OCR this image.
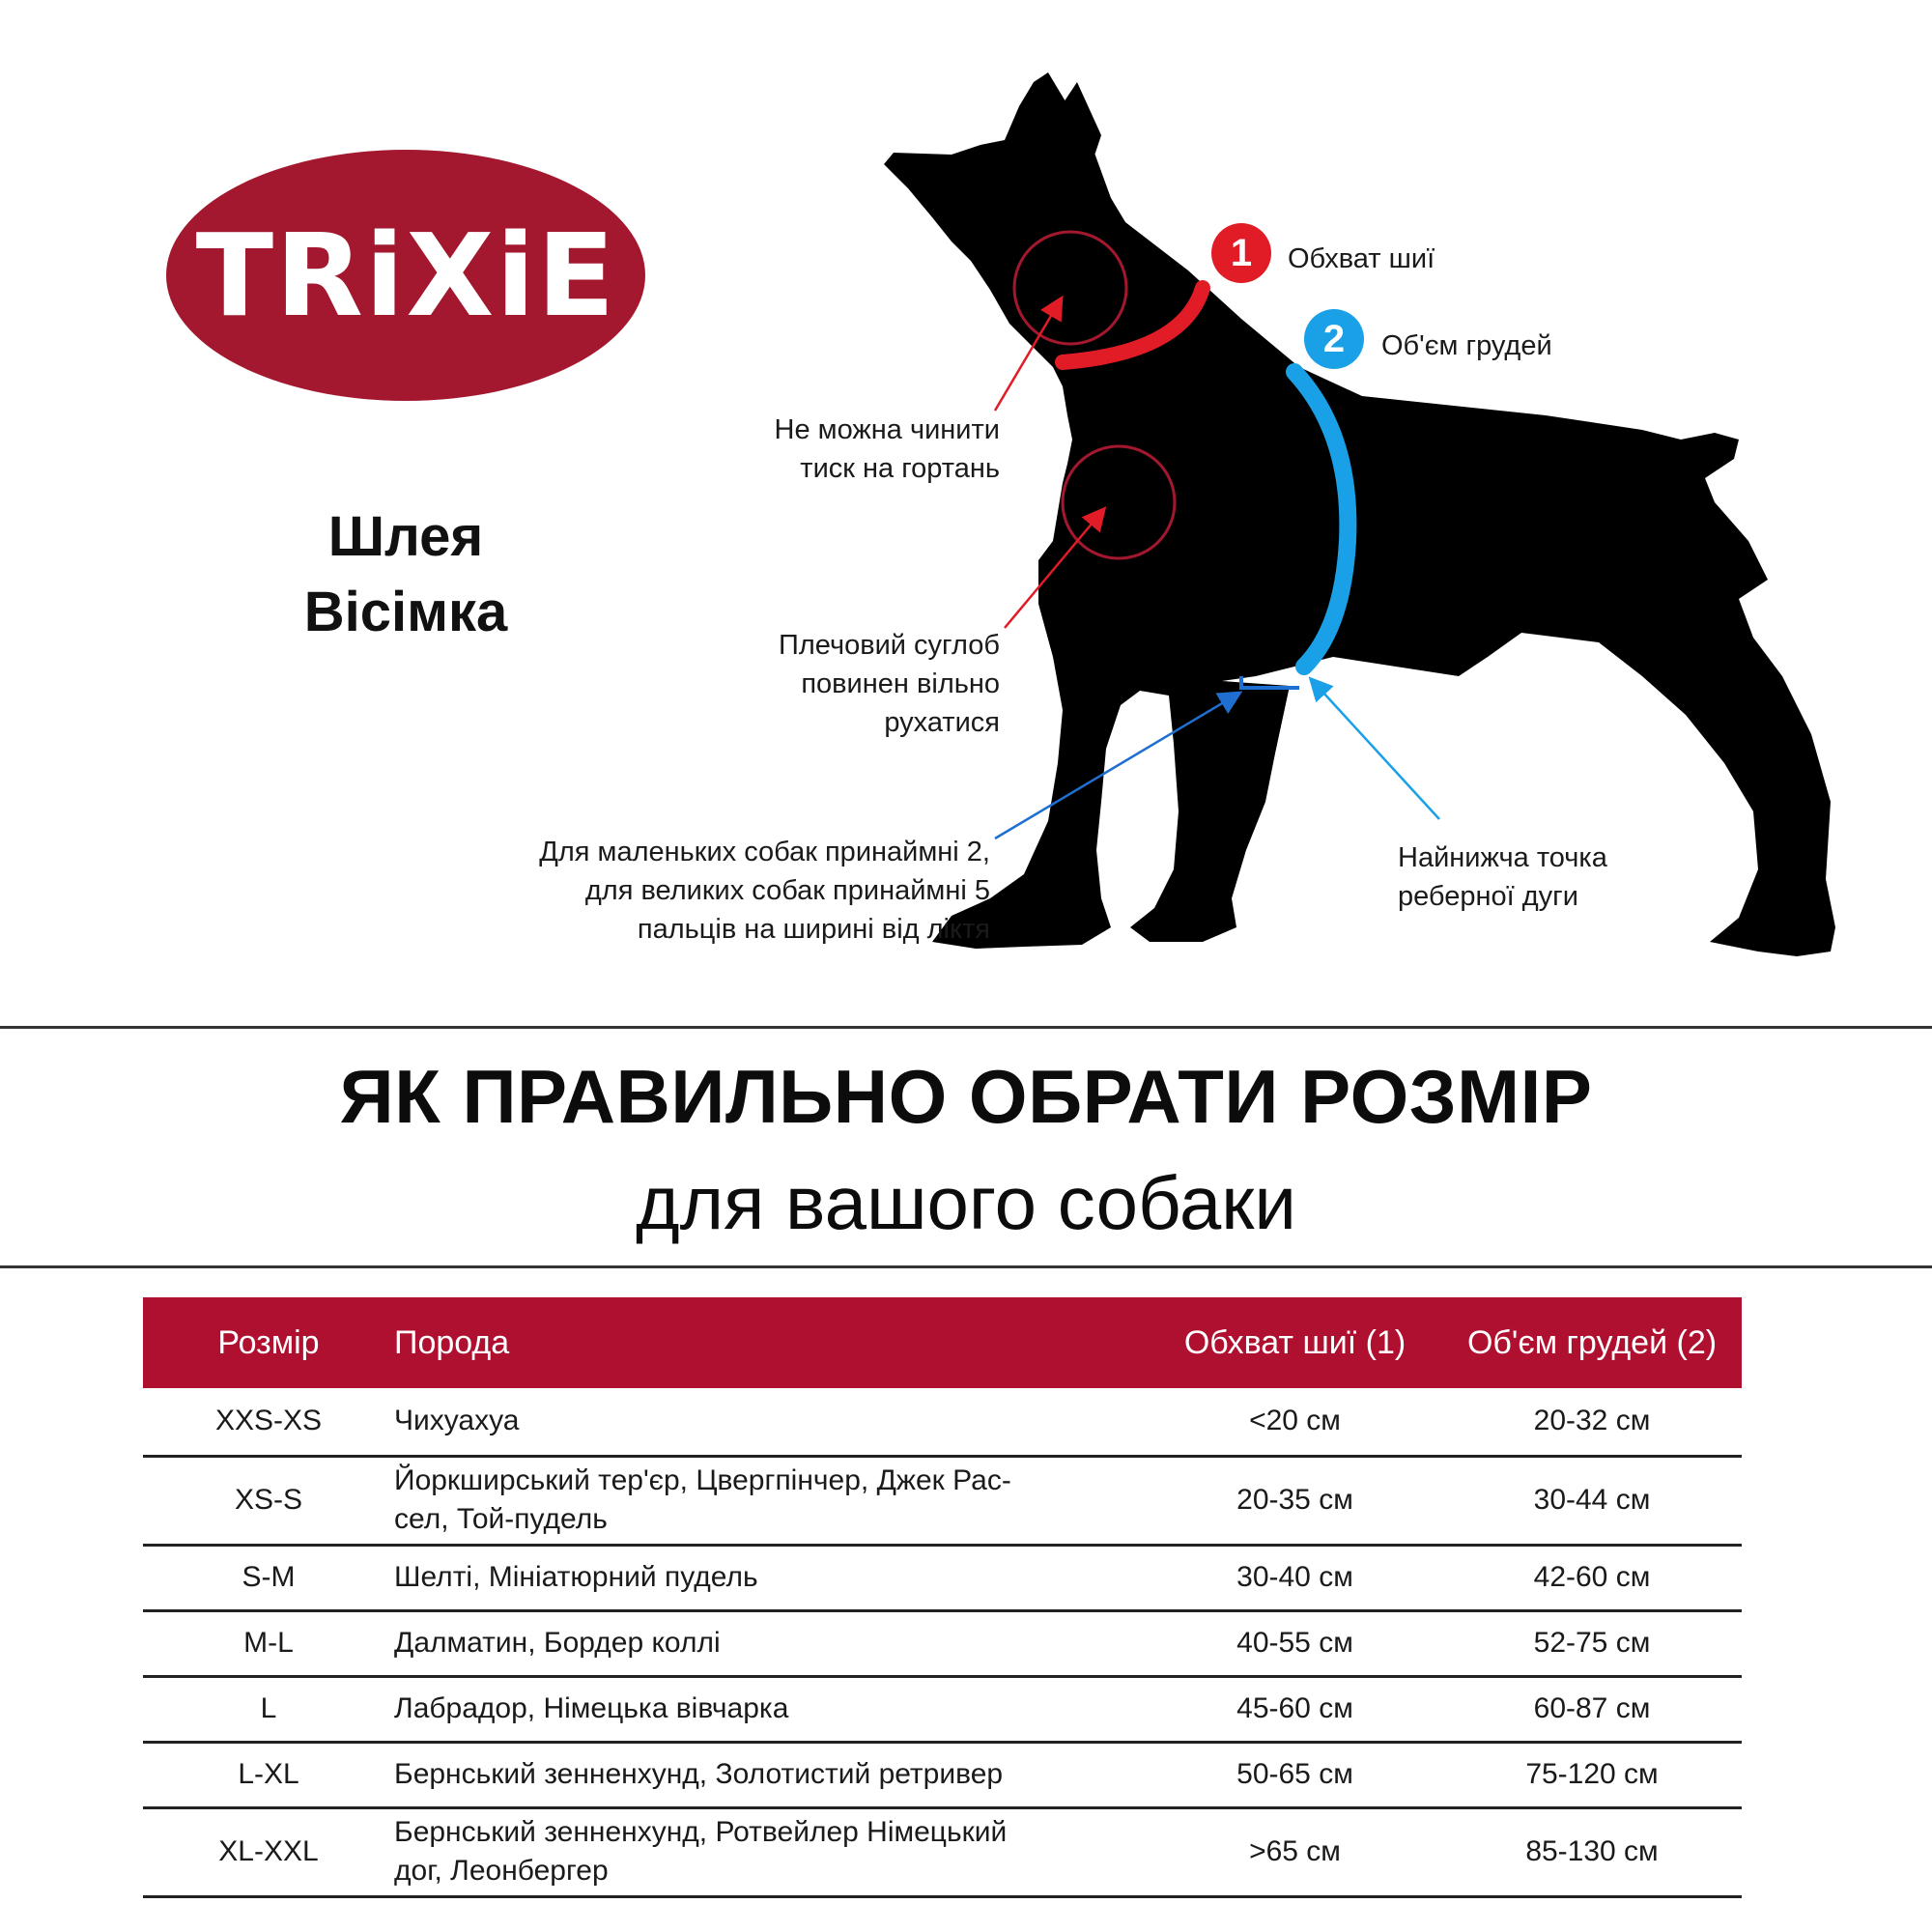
TRiXiE
Шлея
Вісімка
1	Обхват шиї
2	Об'єм грудей
Не можна чинити
тиск на гортань
Плечовий суглоб
повинен вільно
рухатися
Для маленьких собак принаймні 2,
для великих собак принаймні 5
пальців на ширині від ліктя
Найнижча точка
реберної дуги
ЯК ПРАВИЛЬНО ОБРАТИ РОЗМІР
для вашого собаки
Розмір	Порода	Обхват шиї (1)	Об'єм грудей (2)
XXS-XS	Чихуахуа	<20 см	20-32 см
XS-S	Йоркширський тер'єр, Цвергпінчер, Джек Рас-
сел, Той-пудель	20-35 см	30-44 см
S-M	Шелті, Мініатюрний пудель	30-40 см	42-60 см
M-L	Далматин, Бордер коллі	40-55 см	52-75 см
L	Лабрадор, Німецька вівчарка	45-60 см	60-87 см
L-XL	Бернський зенненхунд, Золотистий ретривер	50-65 см	75-120 см
XL-XXL	Бернський зенненхунд, Ротвейлер Німецький
дог, Леонбергер	>65 см	85-130 см
